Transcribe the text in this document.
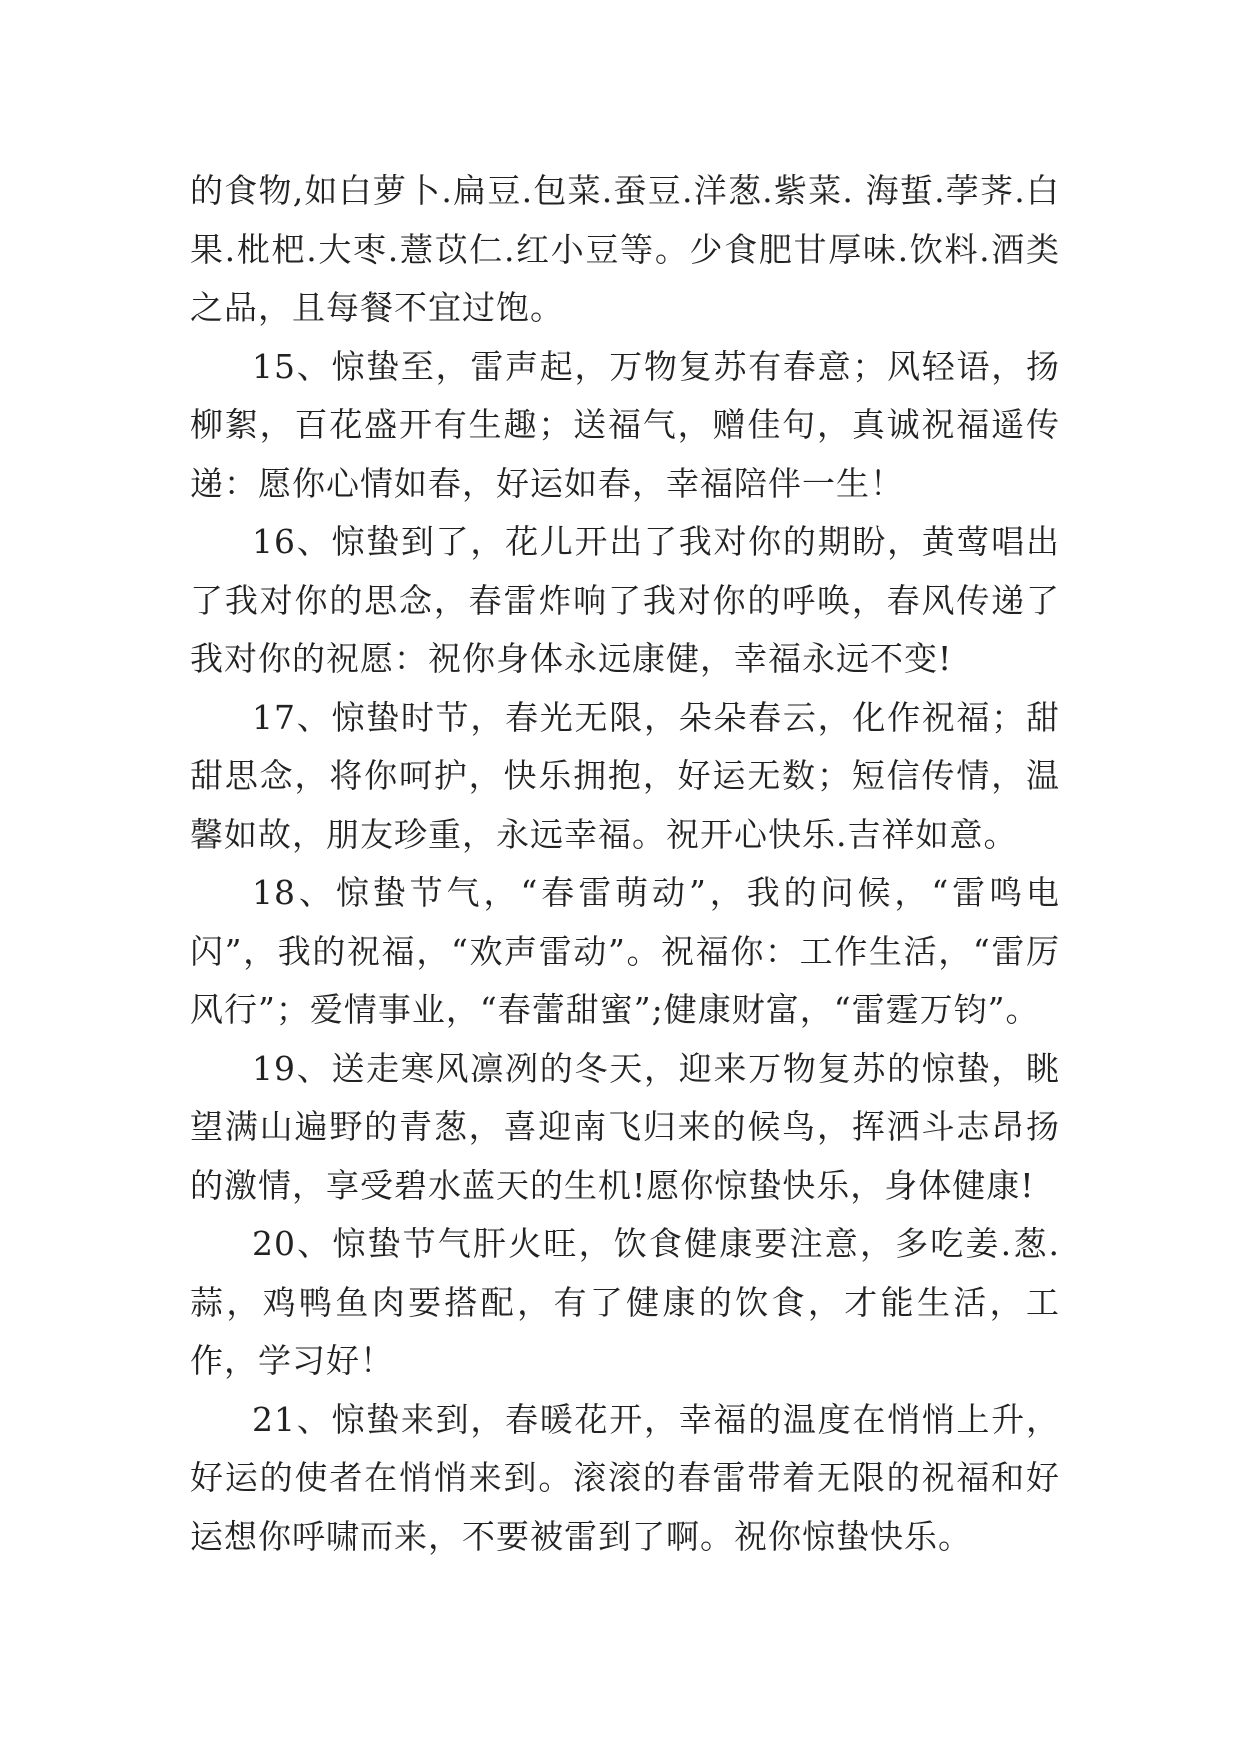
的食物,如白萝卜.扁豆.包菜.蚕豆.洋葱.紫菜. 海蜇.荸荠.白果.枇杷.大枣.薏苡仁.红小豆等。少食肥甘厚味.饮料.酒类之品，且每餐不宜过饱。

15、惊蛰至，雷声起，万物复苏有春意；风轻语，扬柳絮，百花盛开有生趣；送福气，赠佳句，真诚祝福遥传递：愿你心情如春，好运如春，幸福陪伴一生！

16、惊蛰到了，花儿开出了我对你的期盼，黄莺唱出了我对你的思念，春雷炸响了我对你的呼唤，春风传递了我对你的祝愿：祝你身体永远康健，幸福永远不变!

17、惊蛰时节，春光无限，朵朵春云，化作祝福；甜甜思念，将你呵护，快乐拥抱，好运无数；短信传情，温馨如故，朋友珍重，永远幸福。祝开心快乐.吉祥如意。

18、惊蛰节气，“春雷萌动”，我的问候，“雷鸣电闪”，我的祝福，“欢声雷动”。祝福你：工作生活，“雷厉风行”；爱情事业，“春蕾甜蜜”;健康财富，“雷霆万钧”。

19、送走寒风凛冽的冬天，迎来万物复苏的惊蛰，眺望满山遍野的青葱，喜迎南飞归来的候鸟，挥洒斗志昂扬的激情，享受碧水蓝天的生机!愿你惊蛰快乐，身体健康!

20、惊蛰节气肝火旺，饮食健康要注意，多吃姜.葱.蒜，鸡鸭鱼肉要搭配，有了健康的饮食，才能生活，工作，学习好！

21、惊蛰来到，春暖花开，幸福的温度在悄悄上升，好运的使者在悄悄来到。滚滚的春雷带着无限的祝福和好运想你呼啸而来，不要被雷到了啊。祝你惊蛰快乐。
